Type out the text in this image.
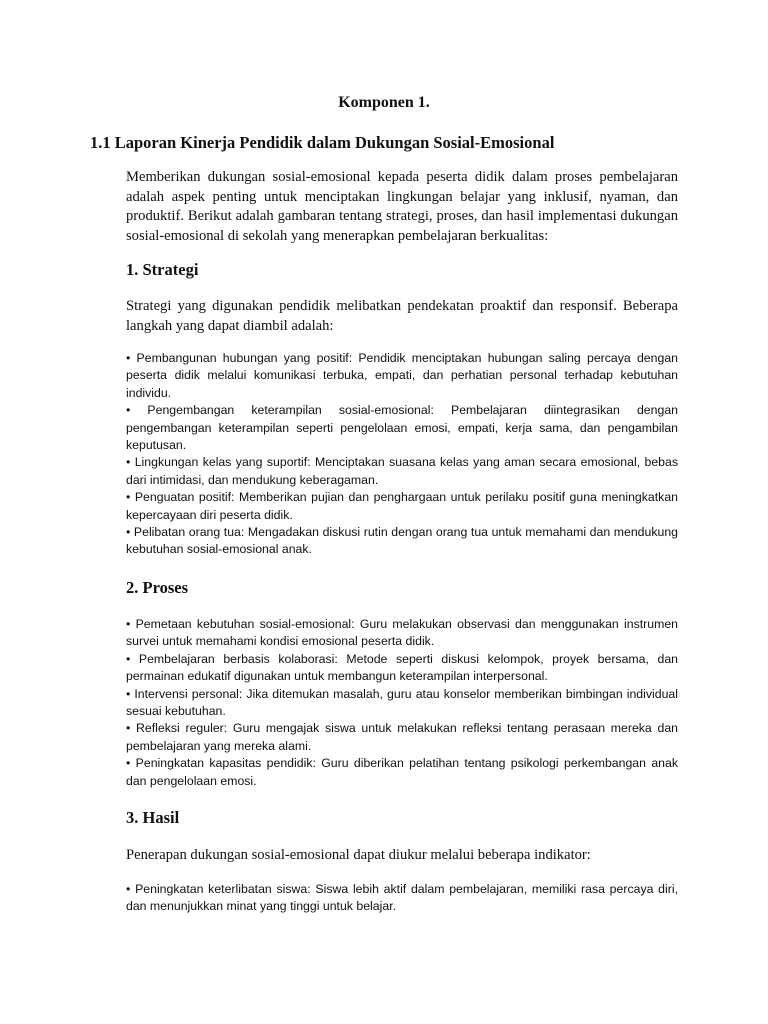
Komponen 1.
1.1 Laporan Kinerja Pendidik dalam Dukungan Sosial-Emosional

Memberikan dukungan sosial-emosional kepada peserta didik dalam proses pembelajaran adalah aspek penting untuk menciptakan lingkungan belajar yang inklusif, nyaman, dan produktif. Berikut adalah gambaran tentang strategi, proses, dan hasil implementasi dukungan sosial-emosional di sekolah yang menerapkan pembelajaran berkualitas:

1. Strategi

Strategi yang digunakan pendidik melibatkan pendekatan proaktif dan responsif. Beberapa langkah yang dapat diambil adalah:

• Pembangunan hubungan yang positif: Pendidik menciptakan hubungan saling percaya dengan peserta didik melalui komunikasi terbuka, empati, dan perhatian personal terhadap kebutuhan individu.
• Pengembangan keterampilan sosial-emosional: Pembelajaran diintegrasikan dengan pengembangan keterampilan seperti pengelolaan emosi, empati, kerja sama, dan pengambilan keputusan.
• Lingkungan kelas yang suportif: Menciptakan suasana kelas yang aman secara emosional, bebas dari intimidasi, dan mendukung keberagaman.
• Penguatan positif: Memberikan pujian dan penghargaan untuk perilaku positif guna meningkatkan kepercayaan diri peserta didik.
• Pelibatan orang tua: Mengadakan diskusi rutin dengan orang tua untuk memahami dan mendukung kebutuhan sosial-emosional anak.

2. Proses

• Pemetaan kebutuhan sosial-emosional: Guru melakukan observasi dan menggunakan instrumen survei untuk memahami kondisi emosional peserta didik.
• Pembelajaran berbasis kolaborasi: Metode seperti diskusi kelompok, proyek bersama, dan permainan edukatif digunakan untuk membangun keterampilan interpersonal.
• Intervensi personal: Jika ditemukan masalah, guru atau konselor memberikan bimbingan individual sesuai kebutuhan.
• Refleksi reguler: Guru mengajak siswa untuk melakukan refleksi tentang perasaan mereka dan pembelajaran yang mereka alami.
• Peningkatan kapasitas pendidik: Guru diberikan pelatihan tentang psikologi perkembangan anak dan pengelolaan emosi.

3. Hasil

Penerapan dukungan sosial-emosional dapat diukur melalui beberapa indikator:

• Peningkatan keterlibatan siswa: Siswa lebih aktif dalam pembelajaran, memiliki rasa percaya diri, dan menunjukkan minat yang tinggi untuk belajar.
